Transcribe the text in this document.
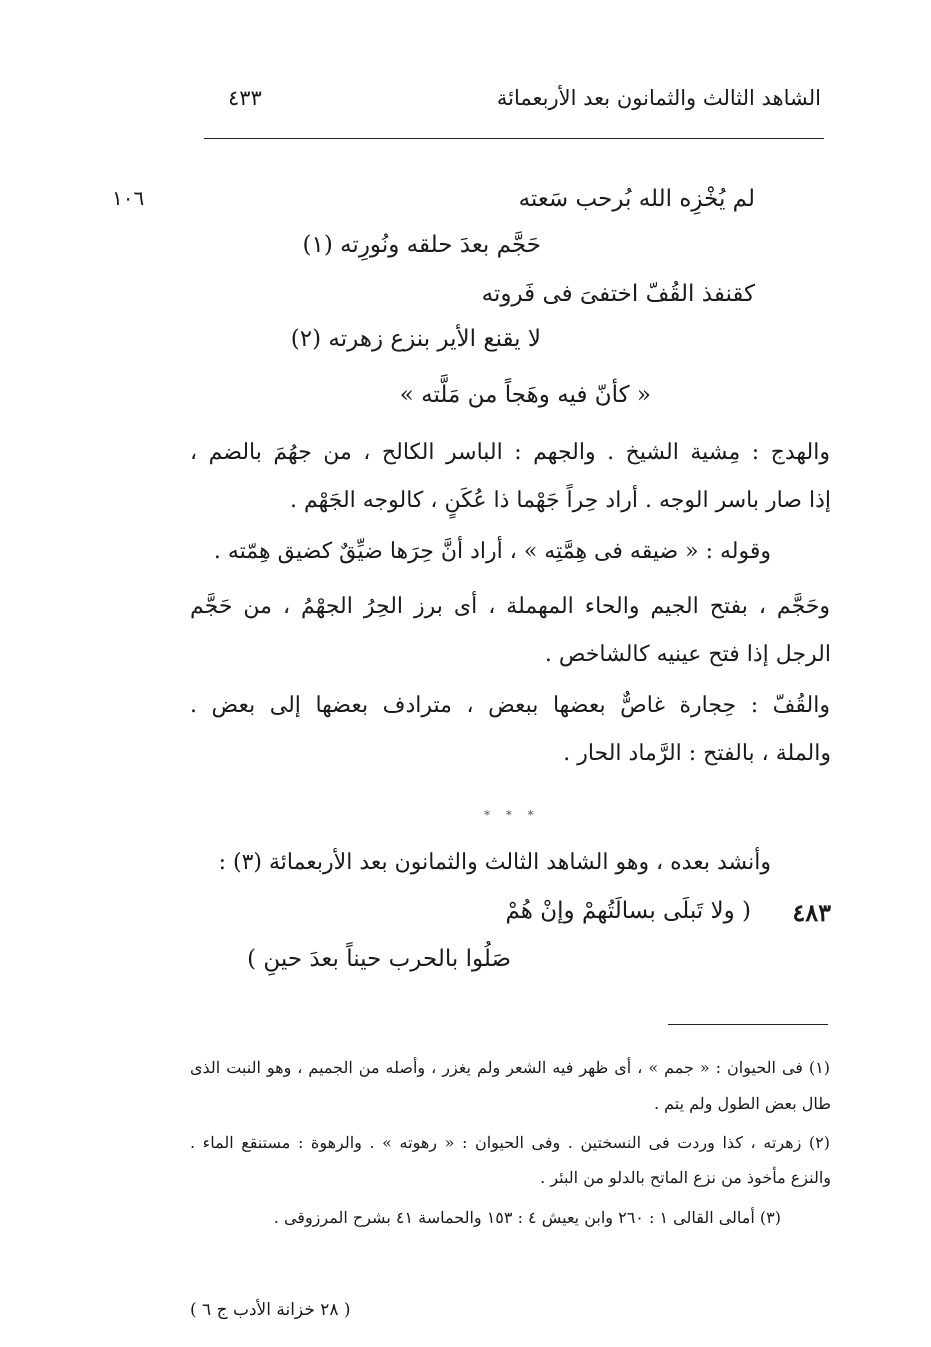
الشاهد الثالث والثمانون بعد الأربعمائة
٤٣٣
١٠٦	لم يُخْزِه الله بُرحب سَعته
حَجَّم بعدَ حلقه ونُورِته (١)
كقنفذ القُفّ اختفىَ فى فَروته
لا يقنع الأير بنزع زهرته (٢)
« كأنّ فيه وهَجاً من مَلَّته »
والهدج : مِشية الشيخ . والجهم : الباسر الكالح ، من جهُمَ بالضم ،
إذا صار باسر الوجه . أراد حِراً جَهْما ذا عُكَنٍ ، كالوجه الجَهْم .
وقوله : « ضيقه فى هِمَّتِه » ، أراد أنَّ حِرَها ضيِّقٌ كضيق هِمّته .
وحَجَّم ، بفتح الجيم والحاء المهملة ، أى برز الحِرُ الجهْمُ ، من حَجَّم
الرجل إذا فتح عينيه كالشاخص .
والقُفّ : حِجارة غاصٌّ بعضها ببعض ، مترادف بعضها إلى بعض .
والملة ، بالفتح : الرَّماد الحار .
* * *
وأنشد بعده ، وهو الشاهد الثالث والثمانون بعد الأربعمائة (٣) :
٤٨٣
( ولا تَبلَى بسالَتُهمْ وإنْ هُمْ
صَلُوا بالحرب حيناً بعدَ حينِ )
(١) فى الحيوان : « جمم » ، أى ظهر فيه الشعر ولم يغزر ، وأصله من الجميم ، وهو النبت الذى
طال بعض الطول ولم يتم .
(٢) زهرته ، كذا وردت فى النسختين . وفى الحيوان : « رهوته » . والرهوة : مستنقع الماء .
والنزع مأخوذ من نزع الماتح بالدلو من البئر .
(٣) أمالى القالى ١ : ٢٦٠ وابن يعيش ٤ : ١٥٣ والحماسة ٤١ بشرح المرزوقى .
( ٢٨ خزانة الأدب ج ٦ )
